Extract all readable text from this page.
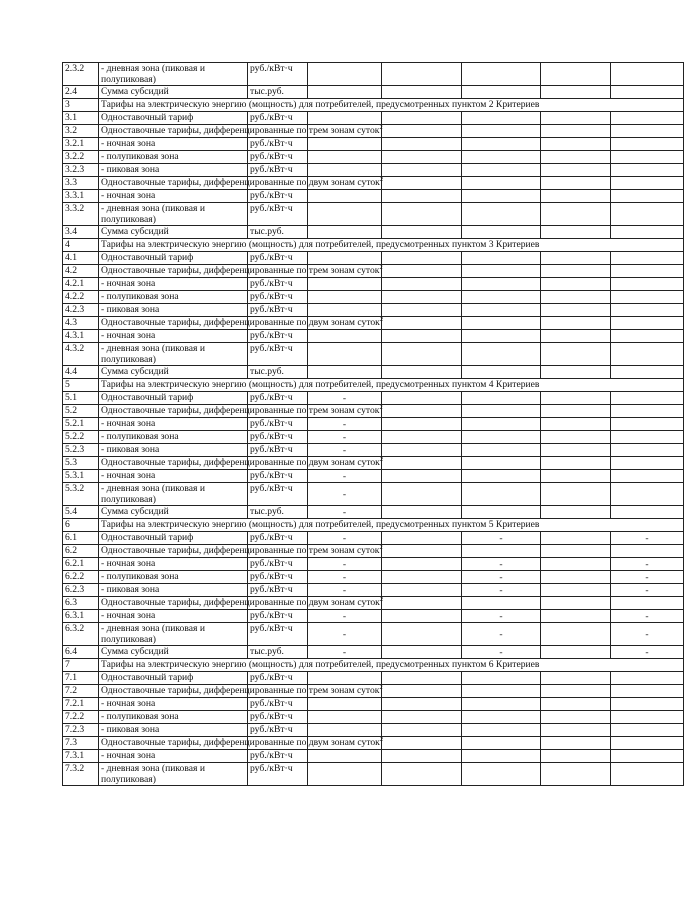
2.3.2	- дневная зона (пиковая и полупиковая)	руб./кВт·ч					
2.4	Сумма субсидий	тыс.руб.					
3	Тарифы на электрическую энергию (мощность) для потребителей, предусмотренных пунктом 2 Критериев						
3.1	Одноставочный тариф	руб./кВт·ч					
3.2	Одноставочные тарифы, дифференцированные по трем зонам суток$^2$						
3.2.1	- ночная зона	руб./кВт·ч					
3.2.2	- полупиковая зона	руб./кВт·ч					
3.2.3	- пиковая зона	руб./кВт·ч					
3.3	Одноставочные тарифы, дифференцированные по двум зонам суток$^2$						
3.3.1	- ночная зона	руб./кВт·ч					
3.3.2	- дневная зона (пиковая и полупиковая)	руб./кВт·ч					
3.4	Сумма субсидий	тыс.руб.					
4	Тарифы на электрическую энергию (мощность) для потребителей, предусмотренных пунктом 3 Критериев						
4.1	Одноставочный тариф	руб./кВт·ч					
4.2	Одноставочные тарифы, дифференцированные по трем зонам суток$^2$						
4.2.1	- ночная зона	руб./кВт·ч					
4.2.2	- полупиковая зона	руб./кВт·ч					
4.2.3	- пиковая зона	руб./кВт·ч					
4.3	Одноставочные тарифы, дифференцированные по двум зонам суток$^2$						
4.3.1	- ночная зона	руб./кВт·ч					
4.3.2	- дневная зона (пиковая и полупиковая)	руб./кВт·ч					
4.4	Сумма субсидий	тыс.руб.					
5	Тарифы на электрическую энергию (мощность) для потребителей, предусмотренных пунктом 4 Критериев						
5.1	Одноставочный тариф	руб./кВт·ч	-				
5.2	Одноставочные тарифы, дифференцированные по трем зонам суток$^2$						
5.2.1	- ночная зона	руб./кВт·ч	-				
5.2.2	- полупиковая зона	руб./кВт·ч	-				
5.2.3	- пиковая зона	руб./кВт·ч	-				
5.3	Одноставочные тарифы, дифференцированные по двум зонам суток$^2$						
5.3.1	- ночная зона	руб./кВт·ч	-				
5.3.2	- дневная зона (пиковая и полупиковая)	руб./кВт·ч	-				
5.4	Сумма субсидий	тыс.руб.	-				
6	Тарифы на электрическую энергию (мощность) для потребителей, предусмотренных пунктом 5 Критериев						
6.1	Одноставочный тариф	руб./кВт·ч	-		-		-
6.2	Одноставочные тарифы, дифференцированные по трем зонам суток$^2$						
6.2.1	- ночная зона	руб./кВт·ч	-		-		-
6.2.2	- полупиковая зона	руб./кВт·ч	-		-		-
6.2.3	- пиковая зона	руб./кВт·ч	-		-		-
6.3	Одноставочные тарифы, дифференцированные по двум зонам суток$^2$						
6.3.1	- ночная зона	руб./кВт·ч	-		-		-
6.3.2	- дневная зона (пиковая и полупиковая)	руб./кВт·ч	-		-		-
6.4	Сумма субсидий	тыс.руб.	-		-		-
7	Тарифы на электрическую энергию (мощность) для потребителей, предусмотренных пунктом 6 Критериев						
7.1	Одноставочный тариф	руб./кВт·ч					
7.2	Одноставочные тарифы, дифференцированные по трем зонам суток$^2$						
7.2.1	- ночная зона	руб./кВт·ч					
7.2.2	- полупиковая зона	руб./кВт·ч					
7.2.3	- пиковая зона	руб./кВт·ч					
7.3	Одноставочные тарифы, дифференцированные по двум зонам суток$^2$						
7.3.1	- ночная зона	руб./кВт·ч					
7.3.2	- дневная зона (пиковая и полупиковая)	руб./кВт·ч					
